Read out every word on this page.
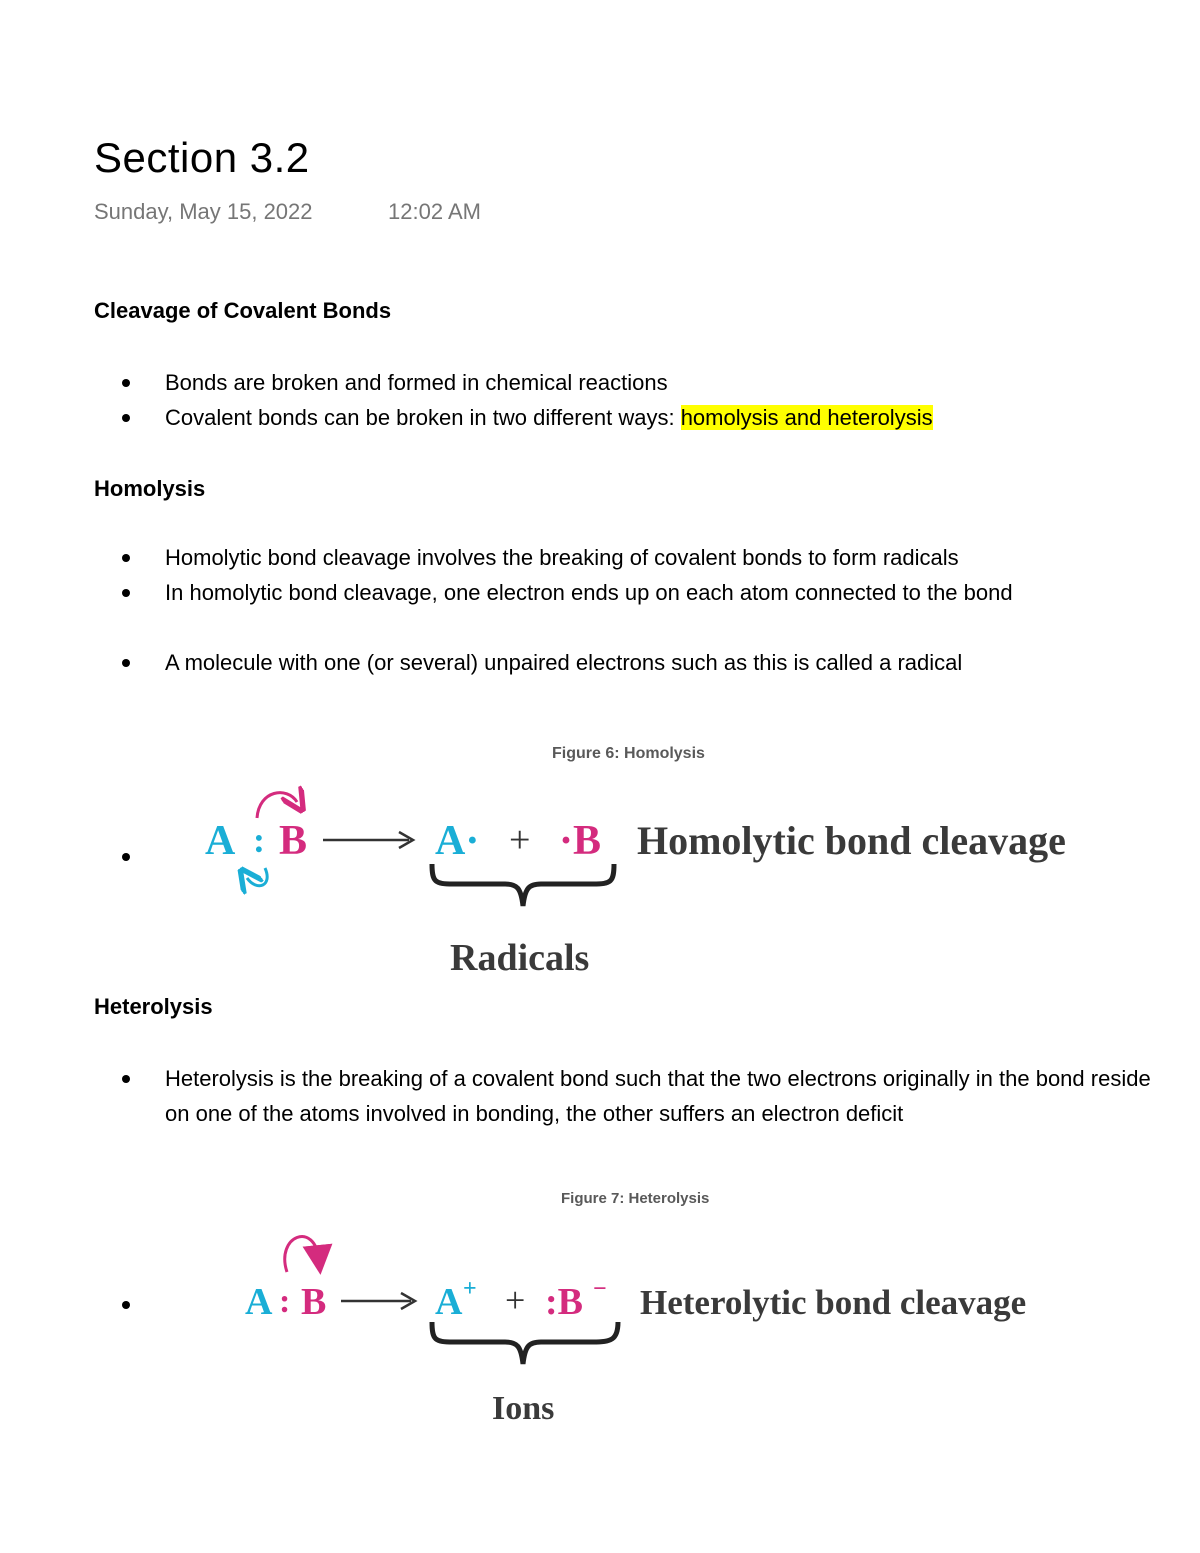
Section 3.2
Sunday, May 15, 2022	12:02 AM
Cleavage of Covalent Bonds
Bonds are broken and formed in chemical reactions
Covalent bonds can be broken in two different ways: homolysis and heterolysis
Homolysis
Homolytic bond cleavage involves the breaking of covalent bonds to form radicals
In homolytic bond cleavage, one electron ends up on each atom connected to the bond
A molecule with one (or several) unpaired electrons such as this is called a radical
Figure 6: Homolysis
A : B	A· + ·B Homolytic bond cleavage
Radicals
Heterolysis
Heterolysis is the breaking of a covalent bond such that the two electrons originally in the bond reside on one of the atoms involved in bonding, the other suffers an electron deficit
Figure 7: Heterolysis
A : B	A + + :B − Heterolytic bond cleavage
Ions
